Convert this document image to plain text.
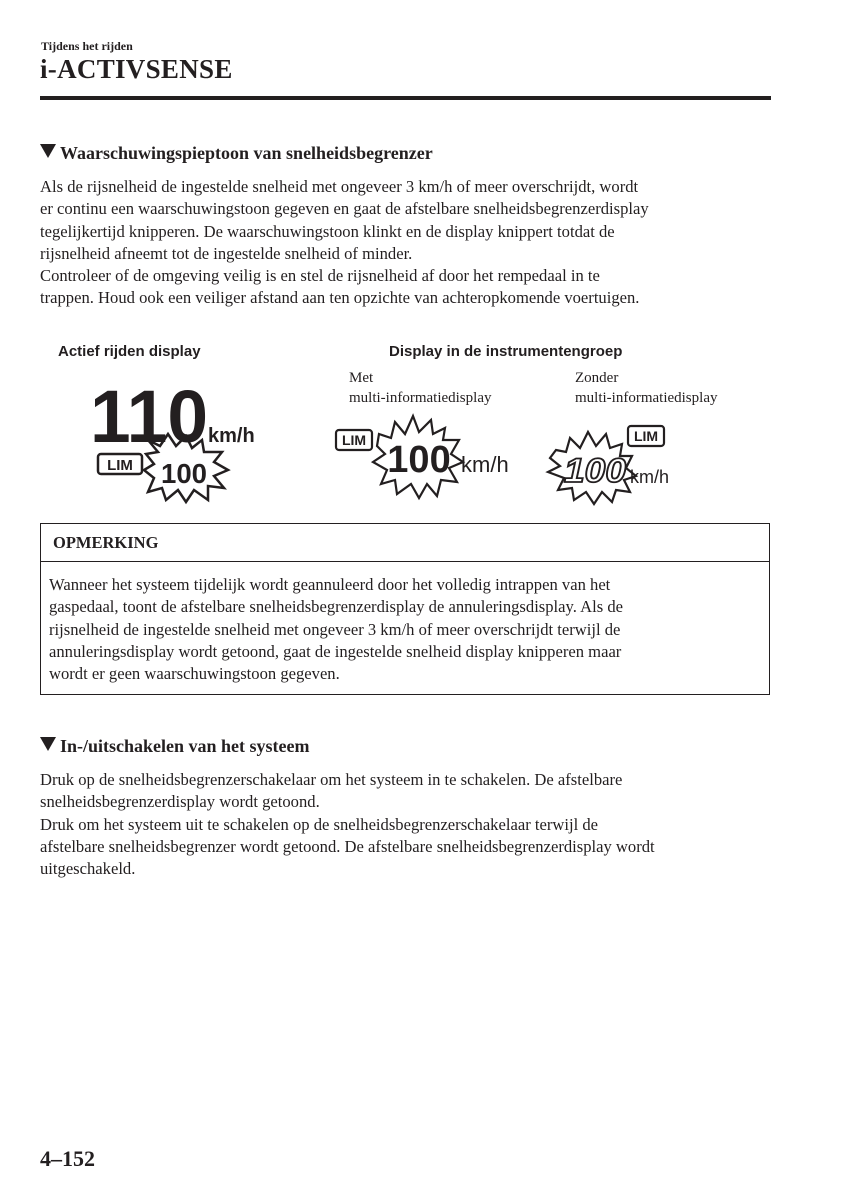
Tijdens het rijden
i-ACTIVSENSE
Waarschuwingspieptoon van snelheidsbegrenzer
Als de rijsnelheid de ingestelde snelheid met ongeveer 3 km/h of meer overschrijdt, wordt
er continu een waarschuwingstoon gegeven en gaat de afstelbare snelheidsbegrenzerdisplay
tegelijkertijd knipperen. De waarschuwingstoon klinkt en de display knippert totdat de
rijsnelheid afneemt tot de ingestelde snelheid of minder.
Controleer of de omgeving veilig is en stel de rijsnelheid af door het rempedaal in te
trappen. Houd ook een veiliger afstand aan ten opzichte van achteropkomende voertuigen.
Actief rijden display	Display in de instrumentengroep
Met
multi-informatiedisplay
Zonder
multi-informatiedisplay
110 km/h
LIM 100
LIM 100 km/h
LIM
100 km/h
OPMERKING
Wanneer het systeem tijdelijk wordt geannuleerd door het volledig intrappen van het
gaspedaal, toont de afstelbare snelheidsbegrenzerdisplay de annuleringsdisplay. Als de
rijsnelheid de ingestelde snelheid met ongeveer 3 km/h of meer overschrijdt terwijl de
annuleringsdisplay wordt getoond, gaat de ingestelde snelheid display knipperen maar
wordt er geen waarschuwingstoon gegeven.
In-/uitschakelen van het systeem
Druk op de snelheidsbegrenzerschakelaar om het systeem in te schakelen. De afstelbare
snelheidsbegrenzerdisplay wordt getoond.
Druk om het systeem uit te schakelen op de snelheidsbegrenzerschakelaar terwijl de
afstelbare snelheidsbegrenzer wordt getoond. De afstelbare snelheidsbegrenzerdisplay wordt
uitgeschakeld.
4–152
